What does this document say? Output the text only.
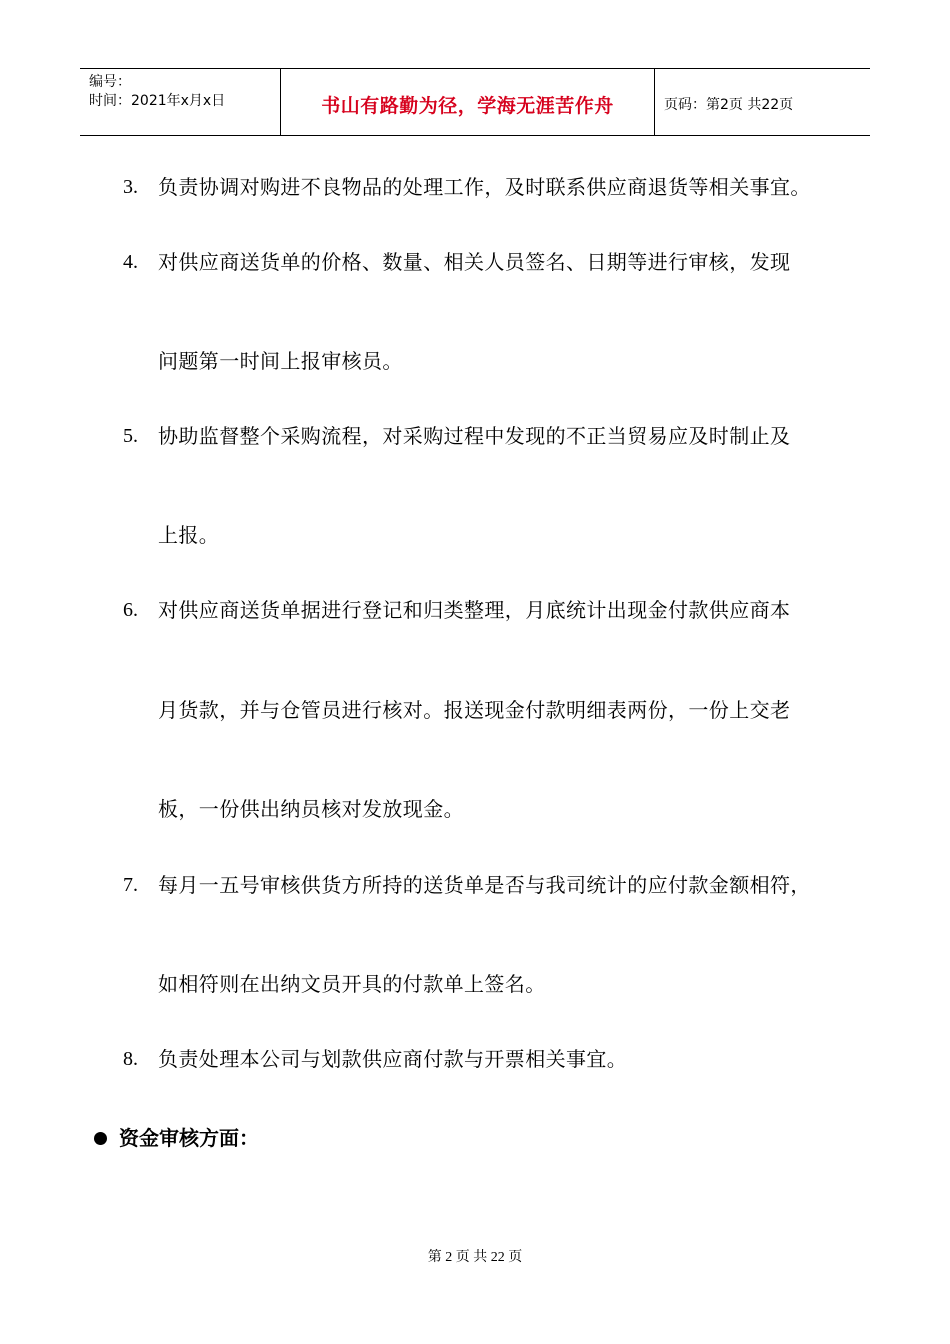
编号：
时间：2021年x月x日	书山有路勤为径，学海无涯苦作舟	页码：第2页 共22页
3. 负责协调对购进不良物品的处理工作，及时联系供应商退货等相关事宜。
4. 对供应商送货单的价格、数量、相关人员签名、日期等进行审核，发现
问题第一时间上报审核员。
5. 协助监督整个采购流程，对采购过程中发现的不正当贸易应及时制止及
上报。
6. 对供应商送货单据进行登记和归类整理，月底统计出现金付款供应商本
月货款，并与仓管员进行核对。报送现金付款明细表两份，一份上交老
板，一份供出纳员核对发放现金。
7. 每月一五号审核供货方所持的送货单是否与我司统计的应付款金额相符，
如相符则在出纳文员开具的付款单上签名。
8. 负责处理本公司与划款供应商付款与开票相关事宜。
资金审核方面：
第 2 页 共 22 页
